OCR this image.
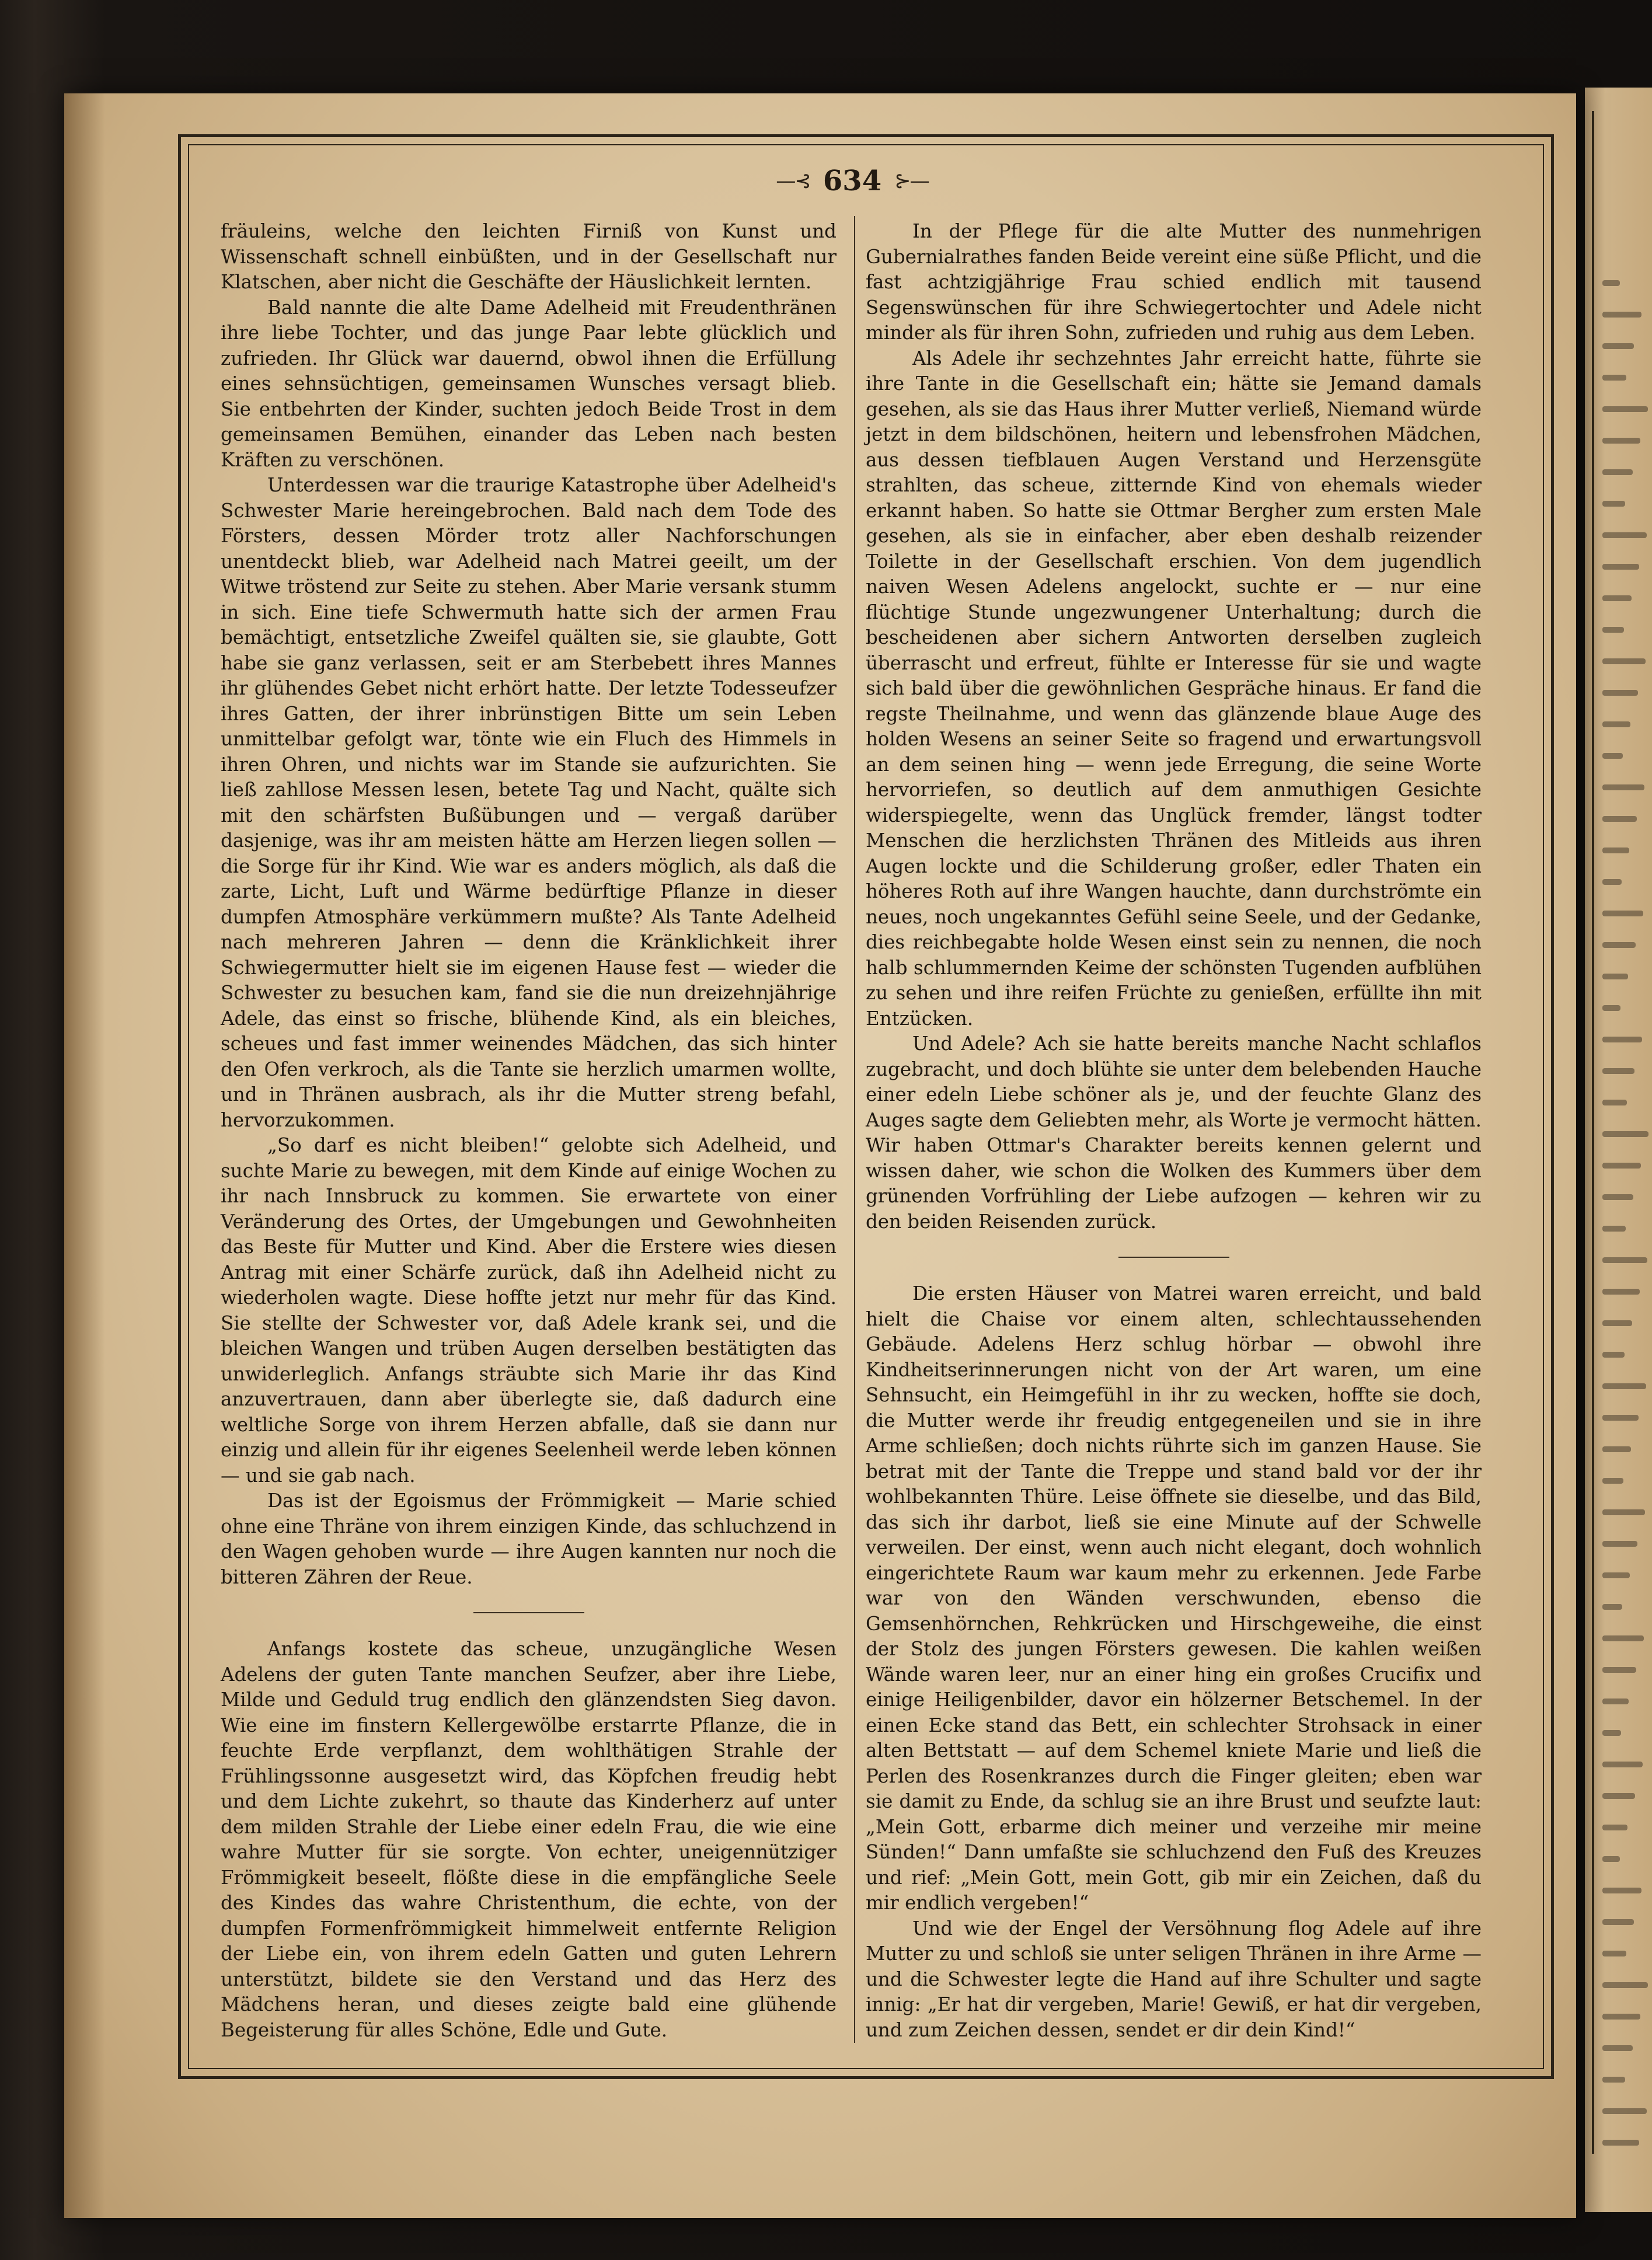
—⊰ 634 ⊱—

fräuleins, welche den leichten Firniß von Kunst und Wissenschaft schnell einbüßten, und in der Gesellschaft nur Klatschen, aber nicht die Geschäfte der Häuslichkeit lernten.

Bald nannte die alte Dame Adelheid mit Freudenthränen ihre liebe Tochter, und das junge Paar lebte glücklich und zufrieden. Ihr Glück war dauernd, obwol ihnen die Erfüllung eines sehnsüchtigen, gemeinsamen Wunsches versagt blieb. Sie entbehrten der Kinder, suchten jedoch Beide Trost in dem gemeinsamen Bemühen, einander das Leben nach besten Kräften zu verschönen.

Unterdessen war die traurige Katastrophe über Adelheid's Schwester Marie hereingebrochen. Bald nach dem Tode des Försters, dessen Mörder trotz aller Nachforschungen unentdeckt blieb, war Adelheid nach Matrei geeilt, um der Witwe tröstend zur Seite zu stehen. Aber Marie versank stumm in sich. Eine tiefe Schwermuth hatte sich der armen Frau bemächtigt, entsetzliche Zweifel quälten sie, sie glaubte, Gott habe sie ganz verlassen, seit er am Sterbebett ihres Mannes ihr glühendes Gebet nicht erhört hatte. Der letzte Todesseufzer ihres Gatten, der ihrer inbrünstigen Bitte um sein Leben unmittelbar gefolgt war, tönte wie ein Fluch des Himmels in ihren Ohren, und nichts war im Stande sie aufzurichten. Sie ließ zahllose Messen lesen, betete Tag und Nacht, quälte sich mit den schärfsten Bußübungen und — vergaß darüber dasjenige, was ihr am meisten hätte am Herzen liegen sollen — die Sorge für ihr Kind. Wie war es anders möglich, als daß die zarte, Licht, Luft und Wärme bedürftige Pflanze in dieser dumpfen Atmosphäre verkümmern mußte? Als Tante Adelheid nach mehreren Jahren — denn die Kränklichkeit ihrer Schwiegermutter hielt sie im eigenen Hause fest — wieder die Schwester zu besuchen kam, fand sie die nun dreizehnjährige Adele, das einst so frische, blühende Kind, als ein bleiches, scheues und fast immer weinendes Mädchen, das sich hinter den Ofen verkroch, als die Tante sie herzlich umarmen wollte, und in Thränen ausbrach, als ihr die Mutter streng befahl, hervorzukommen.

„So darf es nicht bleiben!“ gelobte sich Adelheid, und suchte Marie zu bewegen, mit dem Kinde auf einige Wochen zu ihr nach Innsbruck zu kommen. Sie erwartete von einer Veränderung des Ortes, der Umgebungen und Gewohnheiten das Beste für Mutter und Kind. Aber die Erstere wies diesen Antrag mit einer Schärfe zurück, daß ihn Adelheid nicht zu wiederholen wagte. Diese hoffte jetzt nur mehr für das Kind. Sie stellte der Schwester vor, daß Adele krank sei, und die bleichen Wangen und trüben Augen derselben bestätigten das unwiderleglich. Anfangs sträubte sich Marie ihr das Kind anzuvertrauen, dann aber überlegte sie, daß dadurch eine weltliche Sorge von ihrem Herzen abfalle, daß sie dann nur einzig und allein für ihr eigenes Seelenheil werde leben können — und sie gab nach.

Das ist der Egoismus der Frömmigkeit — Marie schied ohne eine Thräne von ihrem einzigen Kinde, das schluchzend in den Wagen gehoben wurde — ihre Augen kannten nur noch die bitteren Zähren der Reue.

Anfangs kostete das scheue, unzugängliche Wesen Adelens der guten Tante manchen Seufzer, aber ihre Liebe, Milde und Geduld trug endlich den glänzendsten Sieg davon. Wie eine im finstern Kellergewölbe erstarrte Pflanze, die in feuchte Erde verpflanzt, dem wohlthätigen Strahle der Frühlingssonne ausgesetzt wird, das Köpfchen freudig hebt und dem Lichte zukehrt, so thaute das Kinderherz auf unter dem milden Strahle der Liebe einer edeln Frau, die wie eine wahre Mutter für sie sorgte. Von echter, uneigennütziger Frömmigkeit beseelt, flößte diese in die empfängliche Seele des Kindes das wahre Christenthum, die echte, von der dumpfen Formenfrömmigkeit himmelweit entfernte Religion der Liebe ein, von ihrem edeln Gatten und guten Lehrern unterstützt, bildete sie den Verstand und das Herz des Mädchens heran, und dieses zeigte bald eine glühende Begeisterung für alles Schöne, Edle und Gute.

In der Pflege für die alte Mutter des nunmehrigen Gubernialrathes fanden Beide vereint eine süße Pflicht, und die fast achtzigjährige Frau schied endlich mit tausend Segenswünschen für ihre Schwiegertochter und Adele nicht minder als für ihren Sohn, zufrieden und ruhig aus dem Leben.

Als Adele ihr sechzehntes Jahr erreicht hatte, führte sie ihre Tante in die Gesellschaft ein; hätte sie Jemand damals gesehen, als sie das Haus ihrer Mutter verließ, Niemand würde jetzt in dem bildschönen, heitern und lebensfrohen Mädchen, aus dessen tiefblauen Augen Verstand und Herzensgüte strahlten, das scheue, zitternde Kind von ehemals wieder erkannt haben. So hatte sie Ottmar Bergher zum ersten Male gesehen, als sie in einfacher, aber eben deshalb reizender Toilette in der Gesellschaft erschien. Von dem jugendlich naiven Wesen Adelens angelockt, suchte er — nur eine flüchtige Stunde ungezwungener Unterhaltung; durch die bescheidenen aber sichern Antworten derselben zugleich überrascht und erfreut, fühlte er Interesse für sie und wagte sich bald über die gewöhnlichen Gespräche hinaus. Er fand die regste Theilnahme, und wenn das glänzende blaue Auge des holden Wesens an seiner Seite so fragend und erwartungsvoll an dem seinen hing — wenn jede Erregung, die seine Worte hervorriefen, so deutlich auf dem anmuthigen Gesichte widerspiegelte, wenn das Unglück fremder, längst todter Menschen die herzlichsten Thränen des Mitleids aus ihren Augen lockte und die Schilderung großer, edler Thaten ein höheres Roth auf ihre Wangen hauchte, dann durchströmte ein neues, noch ungekanntes Gefühl seine Seele, und der Gedanke, dies reichbegabte holde Wesen einst sein zu nennen, die noch halb schlummernden Keime der schönsten Tugenden aufblühen zu sehen und ihre reifen Früchte zu genießen, erfüllte ihn mit Entzücken.

Und Adele? Ach sie hatte bereits manche Nacht schlaflos zugebracht, und doch blühte sie unter dem belebenden Hauche einer edeln Liebe schöner als je, und der feuchte Glanz des Auges sagte dem Geliebten mehr, als Worte je vermocht hätten. Wir haben Ottmar's Charakter bereits kennen gelernt und wissen daher, wie schon die Wolken des Kummers über dem grünenden Vorfrühling der Liebe aufzogen — kehren wir zu den beiden Reisenden zurück.

Die ersten Häuser von Matrei waren erreicht, und bald hielt die Chaise vor einem alten, schlechtaussehenden Gebäude. Adelens Herz schlug hörbar — obwohl ihre Kindheitserinnerungen nicht von der Art waren, um eine Sehnsucht, ein Heimgefühl in ihr zu wecken, hoffte sie doch, die Mutter werde ihr freudig entgegeneilen und sie in ihre Arme schließen; doch nichts rührte sich im ganzen Hause. Sie betrat mit der Tante die Treppe und stand bald vor der ihr wohlbekannten Thüre. Leise öffnete sie dieselbe, und das Bild, das sich ihr darbot, ließ sie eine Minute auf der Schwelle verweilen. Der einst, wenn auch nicht elegant, doch wohnlich eingerichtete Raum war kaum mehr zu erkennen. Jede Farbe war von den Wänden verschwunden, ebenso die Gemsenhörnchen, Rehkrücken und Hirschgeweihe, die einst der Stolz des jungen Försters gewesen. Die kahlen weißen Wände waren leer, nur an einer hing ein großes Crucifix und einige Heiligenbilder, davor ein hölzerner Betschemel. In der einen Ecke stand das Bett, ein schlechter Strohsack in einer alten Bettstatt — auf dem Schemel kniete Marie und ließ die Perlen des Rosenkranzes durch die Finger gleiten; eben war sie damit zu Ende, da schlug sie an ihre Brust und seufzte laut: „Mein Gott, erbarme dich meiner und verzeihe mir meine Sünden!“ Dann umfaßte sie schluchzend den Fuß des Kreuzes und rief: „Mein Gott, mein Gott, gib mir ein Zeichen, daß du mir endlich vergeben!“

Und wie der Engel der Versöhnung flog Adele auf ihre Mutter zu und schloß sie unter seligen Thränen in ihre Arme — und die Schwester legte die Hand auf ihre Schulter und sagte innig: „Er hat dir vergeben, Marie! Gewiß, er hat dir vergeben, und zum Zeichen dessen, sendet er dir dein Kind!“
